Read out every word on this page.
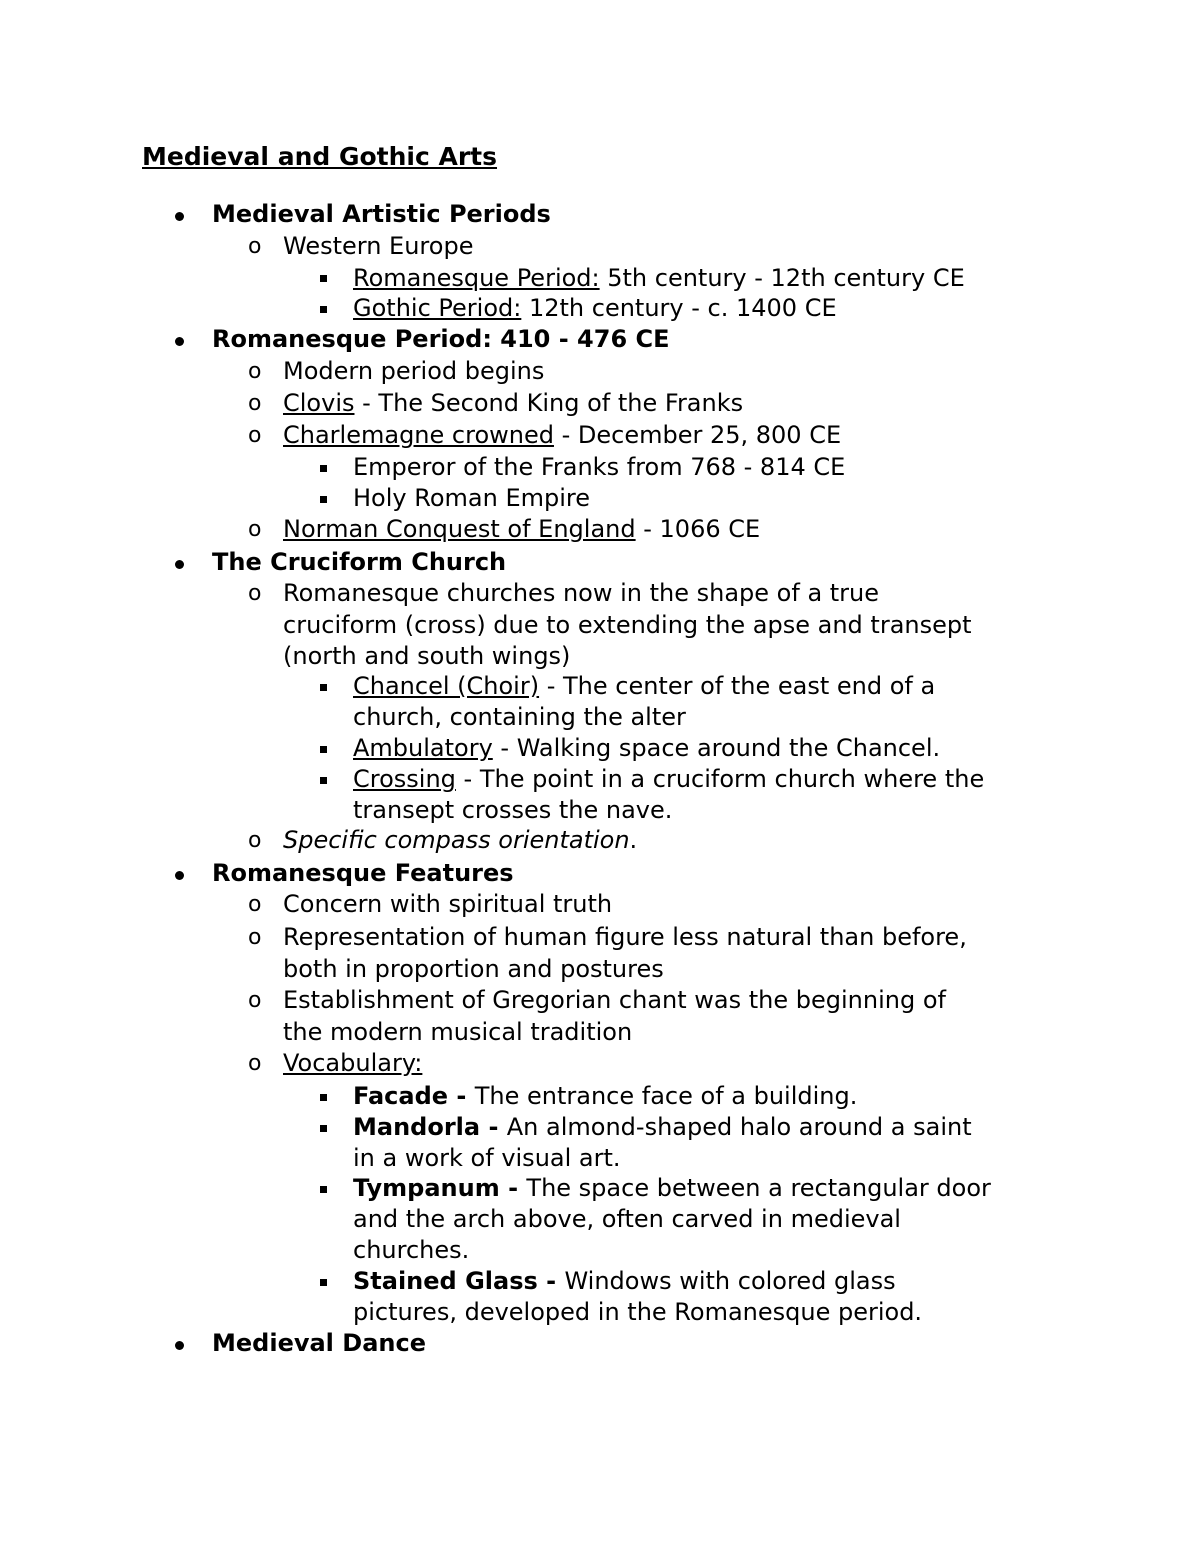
Medieval and Gothic Arts
Medieval Artistic Periods
o Western Europe
Romanesque Period: 5th century - 12th century CE
Gothic Period: 12th century - c. 1400 CE
Romanesque Period: 410 - 476 CE
o Modern period begins
o Clovis - The Second King of the Franks
o Charlemagne crowned - December 25, 800 CE
Emperor of the Franks from 768 - 814 CE
Holy Roman Empire
o Norman Conquest of England - 1066 CE
The Cruciform Church
o Romanesque churches now in the shape of a true
cruciform (cross) due to extending the apse and transept
(north and south wings)
Chancel (Choir) - The center of the east end of a
church, containing the alter
Ambulatory - Walking space around the Chancel.
Crossing - The point in a cruciform church where the
transept crosses the nave.
o Specific compass orientation.
Romanesque Features
o Concern with spiritual truth
o Representation of human figure less natural than before,
both in proportion and postures
o Establishment of Gregorian chant was the beginning of
the modern musical tradition
o Vocabulary:
Facade - The entrance face of a building.
Mandorla - An almond-shaped halo around a saint
in a work of visual art.
Tympanum - The space between a rectangular door
and the arch above, often carved in medieval
churches.
Stained Glass - Windows with colored glass
pictures, developed in the Romanesque period.
Medieval Dance
